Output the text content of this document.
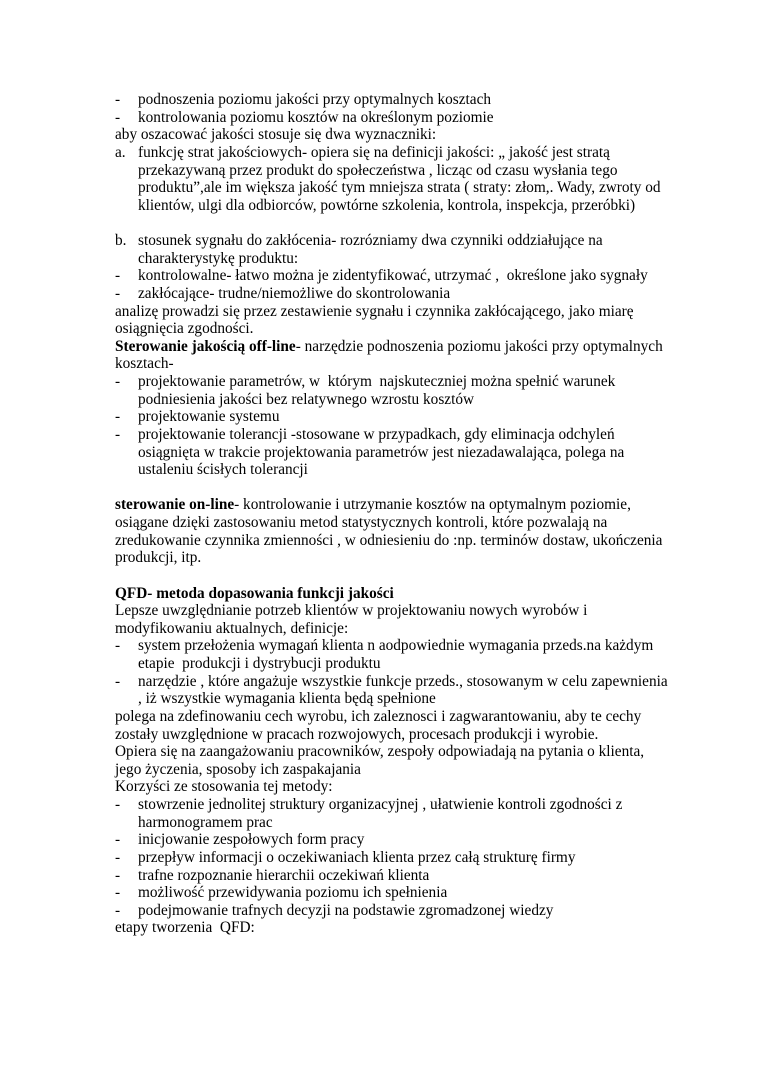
-	podnoszenia poziomu jakości przy optymalnych kosztach
-	kontrolowania poziomu kosztów na określonym poziomie
aby oszacować jakości stosuje się dwa wyznaczniki:
a. funkcję strat jakościowych- opiera się na definicji jakości: „ jakość jest stratą
przekazywaną przez produkt do społeczeństwa , licząc od czasu wysłania tego
produktu”,ale im większa jakość tym mniejsza strata ( straty: złom,. Wady, zwroty od
klientów, ulgi dla odbiorców, powtórne szkolenia, kontrola, inspekcja, przeróbki)
b. stosunek sygnału do zakłócenia- rozrózniamy dwa czynniki oddziałujące na
charakterystykę produktu:
-	kontrolowalne- łatwo można je zidentyfikować, utrzymać ,  określone jako sygnały
-	zakłócające- trudne/niemożliwe do skontrolowania
analizę prowadzi się przez zestawienie sygnału i czynnika zakłócającego, jako miarę
osiągnięcia zgodności.
Sterowanie jakością off-line- narzędzie podnoszenia poziomu jakości przy optymalnych
kosztach-
-	projektowanie parametrów, w  którym  najskuteczniej można spełnić warunek
podniesienia jakości bez relatywnego wzrostu kosztów
-	projektowanie systemu
-	projektowanie tolerancji -stosowane w przypadkach, gdy eliminacja odchyleń
osiągnięta w trakcie projektowania parametrów jest niezadawalająca, polega na
ustaleniu ścisłych tolerancji
sterowanie on-line- kontrolowanie i utrzymanie kosztów na optymalnym poziomie,
osiągane dzięki zastosowaniu metod statystycznych kontroli, które pozwalają na
zredukowanie czynnika zmienności , w odniesieniu do :np. terminów dostaw, ukończenia
produkcji, itp.
QFD- metoda dopasowania funkcji jakości
Lepsze uwzględnianie potrzeb klientów w projektowaniu nowych wyrobów i
modyfikowaniu aktualnych, definicje:
-	system przełożenia wymagań klienta n aodpowiednie wymagania przeds.na każdym
etapie  produkcji i dystrybucji produktu
-	narzędzie , które angażuje wszystkie funkcje przeds., stosowanym w celu zapewnienia
, iż wszystkie wymagania klienta będą spełnione
polega na zdefinowaniu cech wyrobu, ich zaleznosci i zagwarantowaniu, aby te cechy
zostały uwzględnione w pracach rozwojowych, procesach produkcji i wyrobie.
Opiera się na zaangażowaniu pracowników, zespoły odpowiadają na pytania o klienta,
jego życzenia, sposoby ich zaspakajania
Korzyści ze stosowania tej metody:
-	stowrzenie jednolitej struktury organizacyjnej , ułatwienie kontroli zgodności z
harmonogramem prac
-	inicjowanie zespołowych form pracy
-	przepływ informacji o oczekiwaniach klienta przez całą strukturę firmy
-	trafne rozpoznanie hierarchii oczekiwań klienta
-	możliwość przewidywania poziomu ich spełnienia
-	podejmowanie trafnych decyzji na podstawie zgromadzonej wiedzy
etapy tworzenia  QFD:
